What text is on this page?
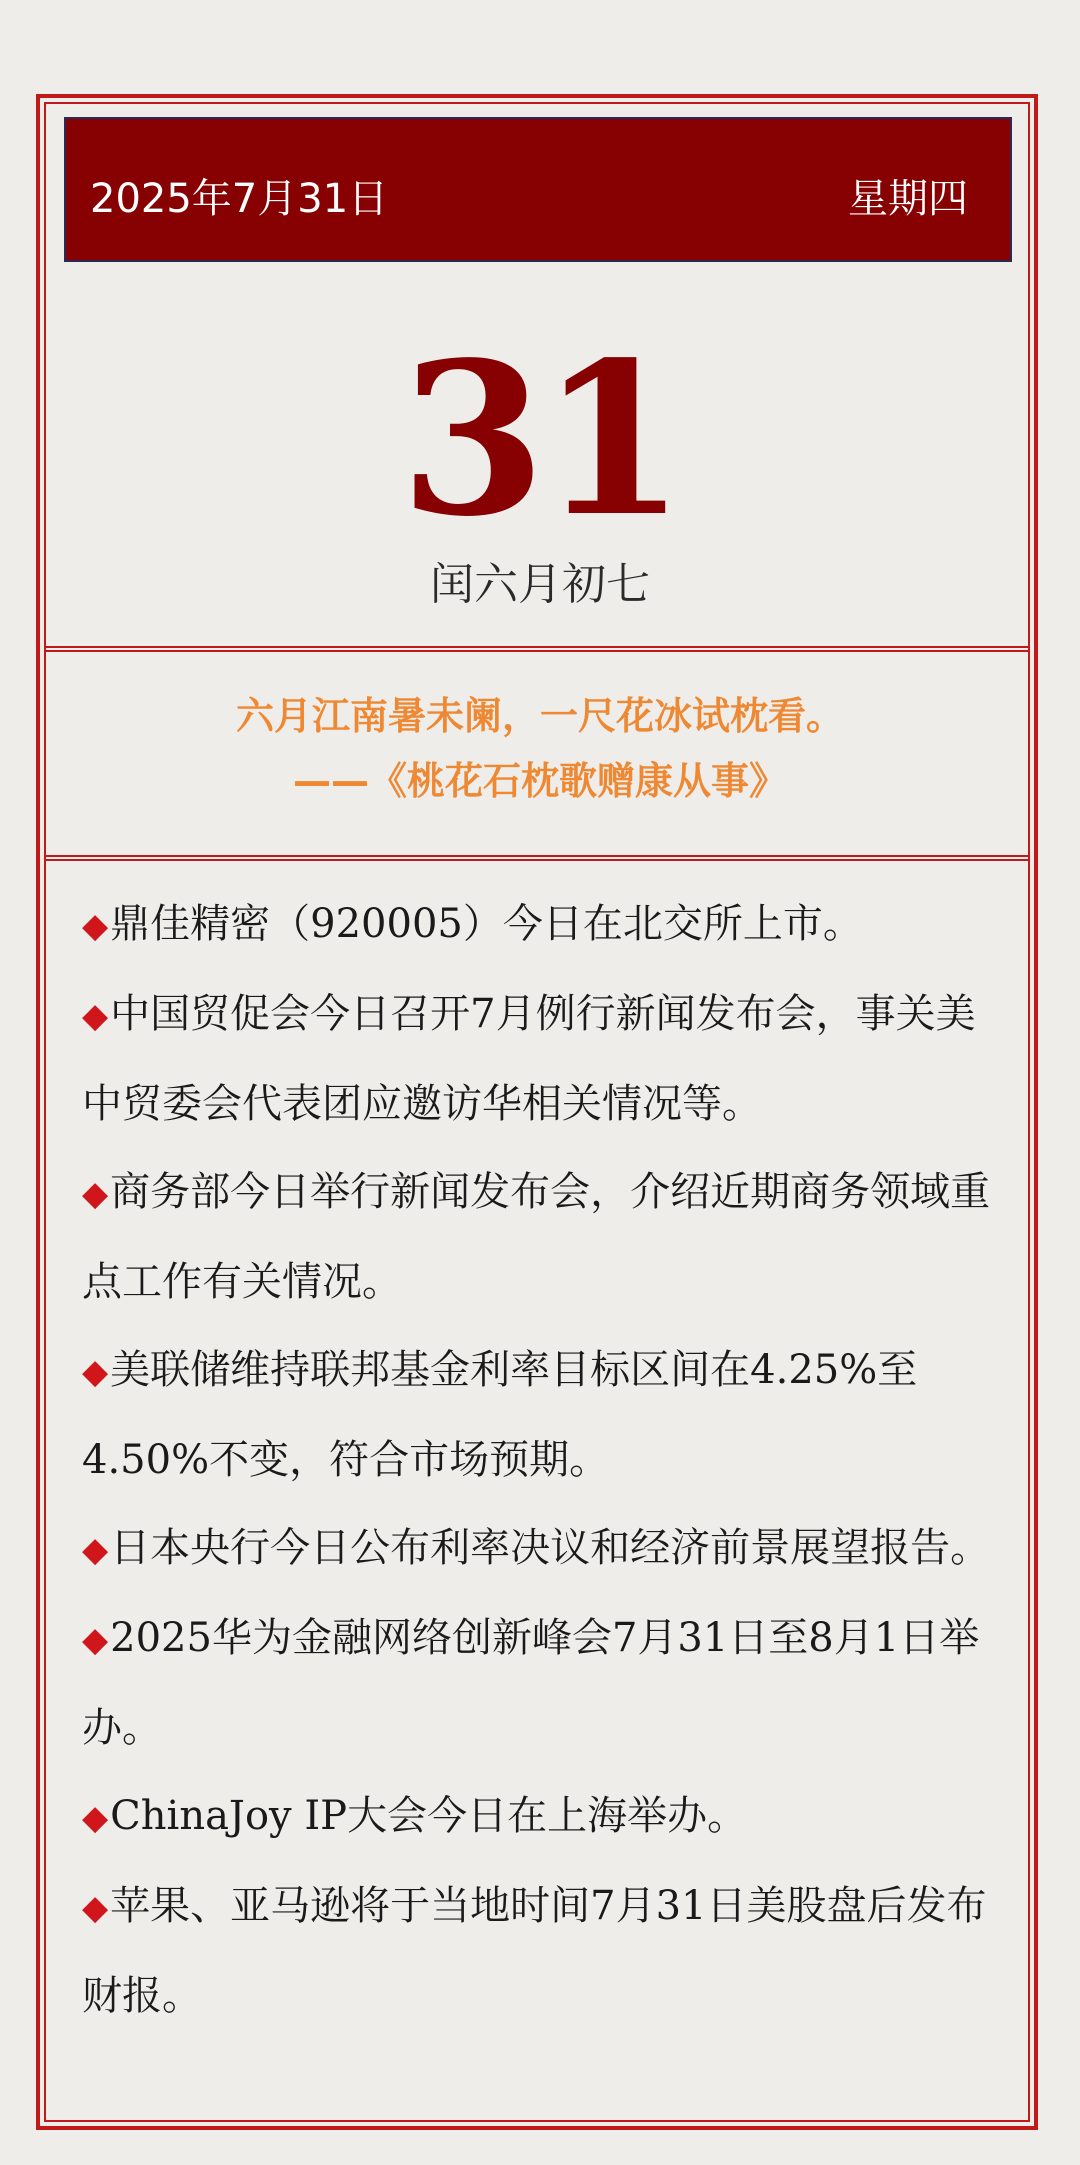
2025年7月31日	星期四
31
闰六月初七
六月江南暑未阑，一尺花冰试枕看。
——《桃花石枕歌赠康从事》
◆鼎佳精密（920005）今日在北交所上市。
◆中国贸促会今日召开7月例行新闻发布会，事关美中贸委会代表团应邀访华相关情况等。
◆商务部今日举行新闻发布会，介绍近期商务领域重点工作有关情况。
◆美联储维持联邦基金利率目标区间在4.25%至4.50%不变，符合市场预期。
◆日本央行今日公布利率决议和经济前景展望报告。
◆2025华为金融网络创新峰会7月31日至8月1日举办。
◆ChinaJoy IP大会今日在上海举办。
◆苹果、亚马逊将于当地时间7月31日美股盘后发布财报。
